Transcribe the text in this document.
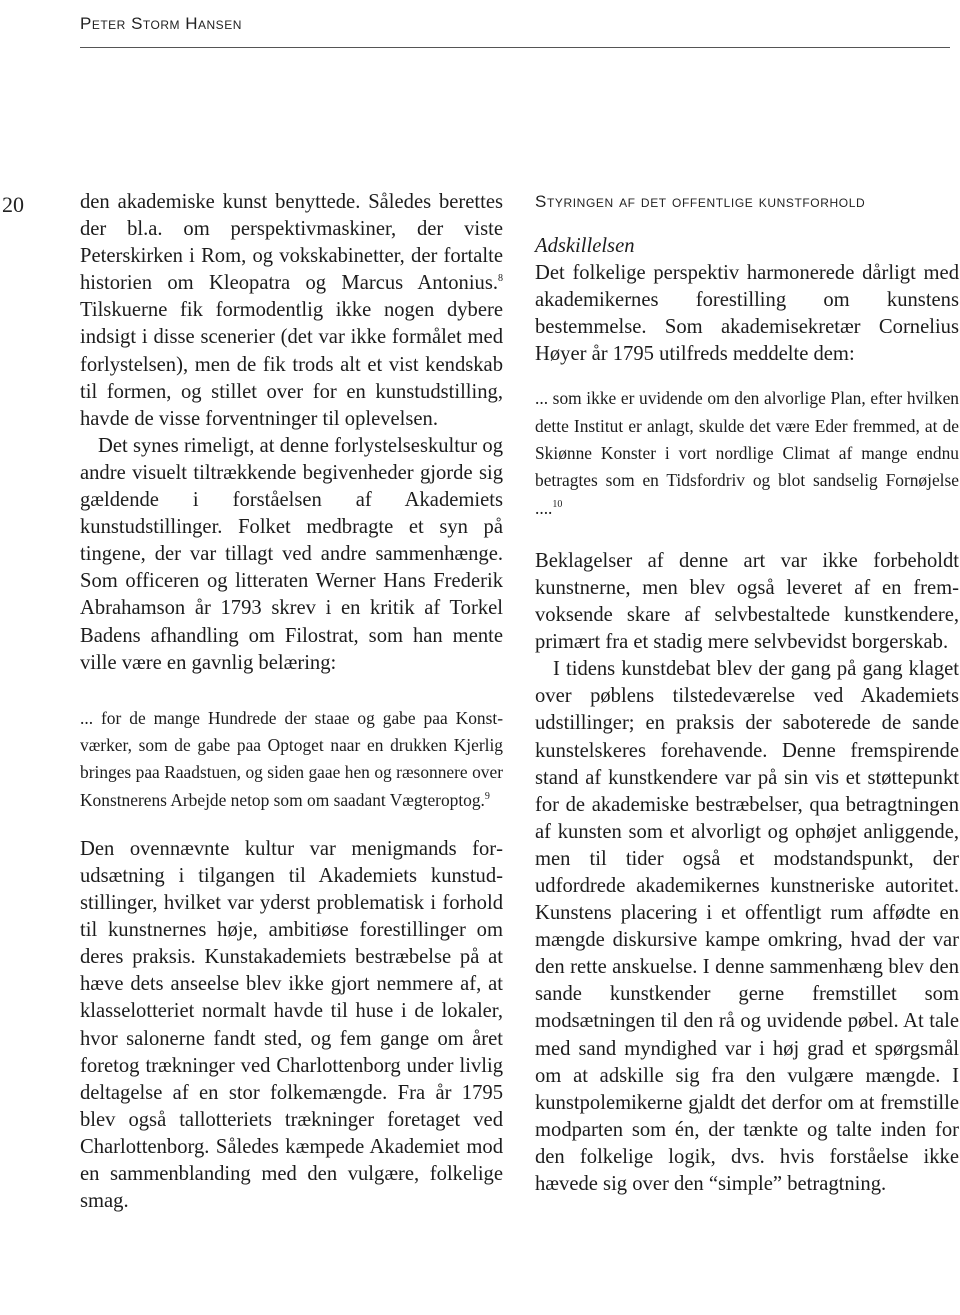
Peter Storm Hansen
20	den akademiske kunst benyttede. Således berettes der bl.a. om perspektivmaskiner, der viste Peterskirken i Rom, og vokskabinetter, der fortalte historien om Kleopatra og Marcus Antonius.$^8$ Tilskuerne fik formodentlig ikke nogen dybere indsigt i disse scenerier (det var ikke formålet med forlystelsen), men de fik trods alt et vist kendskab til formen, og stillet over for en kunstudstilling, havde de visse forventninger til oplevelsen.

Det synes rimeligt, at denne forlystelseskultur og andre visuelt tiltrækkende begivenheder gjorde sig gældende i forståelsen af Akademiets kunstudstillinger. Folket medbragte et syn på tingene, der var tillagt ved andre sammenhænge. Som officeren og litteraten Werner Hans Frederik Abrahamson år 1793 skrev i en kritik af Torkel Badens afhandling om Filostrat, som han mente ville være en gavnlig belæring:

... for de mange Hundrede der staae og gabe paa Konst-værker, som de gabe paa Optoget naar en drukken Kjerlig bringes paa Raadstuen, og siden gaae hen og ræsonnere over Konstnerens Arbejde netop som om saadant Vægteroptog.$^9$

Den ovennævnte kultur var menigmands forudsætning i tilgangen til Akademiets kunstudstillinger, hvilket var yderst problematisk i forhold til kunstnernes høje, ambitiøse forestillinger om deres praksis. Kunstakademiets bestræbelse på at hæve dets anseelse blev ikke gjort nemmere af, at klasselotteriet normalt havde til huse i de lokaler, hvor salonerne fandt sted, og fem gange om året foretog trækninger ved Charlottenborg under livlig deltagelse af en stor folkemængde. Fra år 1795 blev også tallotteriets trækninger foretaget ved Charlottenborg. Således kæmpede Akademiet mod en sammenblanding med den vulgære, folkelige smag.

Styringen af det offentlige kunstforhold
Adskillelsen

Det folkelige perspektiv harmonerede dårligt med akademikernes forestilling om kunstens bestemmelse. Som akademisekretær Cornelius Høyer år 1795 utilfreds meddelte dem:

... som ikke er uvidende om den alvorlige Plan, efter hvilken dette Institut er anlagt, skulde det være Eder fremmed, at de Skiønne Konster i vort nordlige Climat af mange endnu betragtes som en Tidsfordriv og blot sandselig Fornøjelse ....$^{10}$

Beklagelser af denne art var ikke forbeholdt kunstnerne, men blev også leveret af en fremvoksende skare af selvbestaltede kunstkendere, primært fra et stadig mere selvbevidst borgerskab.

I tidens kunstdebat blev der gang på gang klaget over pøblens tilstedeværelse ved Akademiets udstillinger; en praksis der saboterede de sande kunstelskeres forehavende. Denne fremspirende stand af kunstkendere var på sin vis et støttepunkt for de akademiske bestræbelser, qua betragtningen af kunsten som et alvorligt og ophøjet anliggende, men til tider også et modstandspunkt, der udfordrede akademikernes kunstneriske autoritet. Kunstens placering i et offentligt rum affødte en mængde diskursive kampe omkring, hvad der var den rette anskuelse. I denne sammenhæng blev den sande kunstkender gerne fremstillet som modsætningen til den rå og uvidende pøbel. At tale med sand myndighed var i høj grad et spørgsmål om at adskille sig fra den vulgære mængde. I kunstpolemikerne gjaldt det derfor om at fremstille modparten som én, der tænkte og talte inden for den folkelige logik, dvs. hvis forståelse ikke hævede sig over den “simple” betragtning.
